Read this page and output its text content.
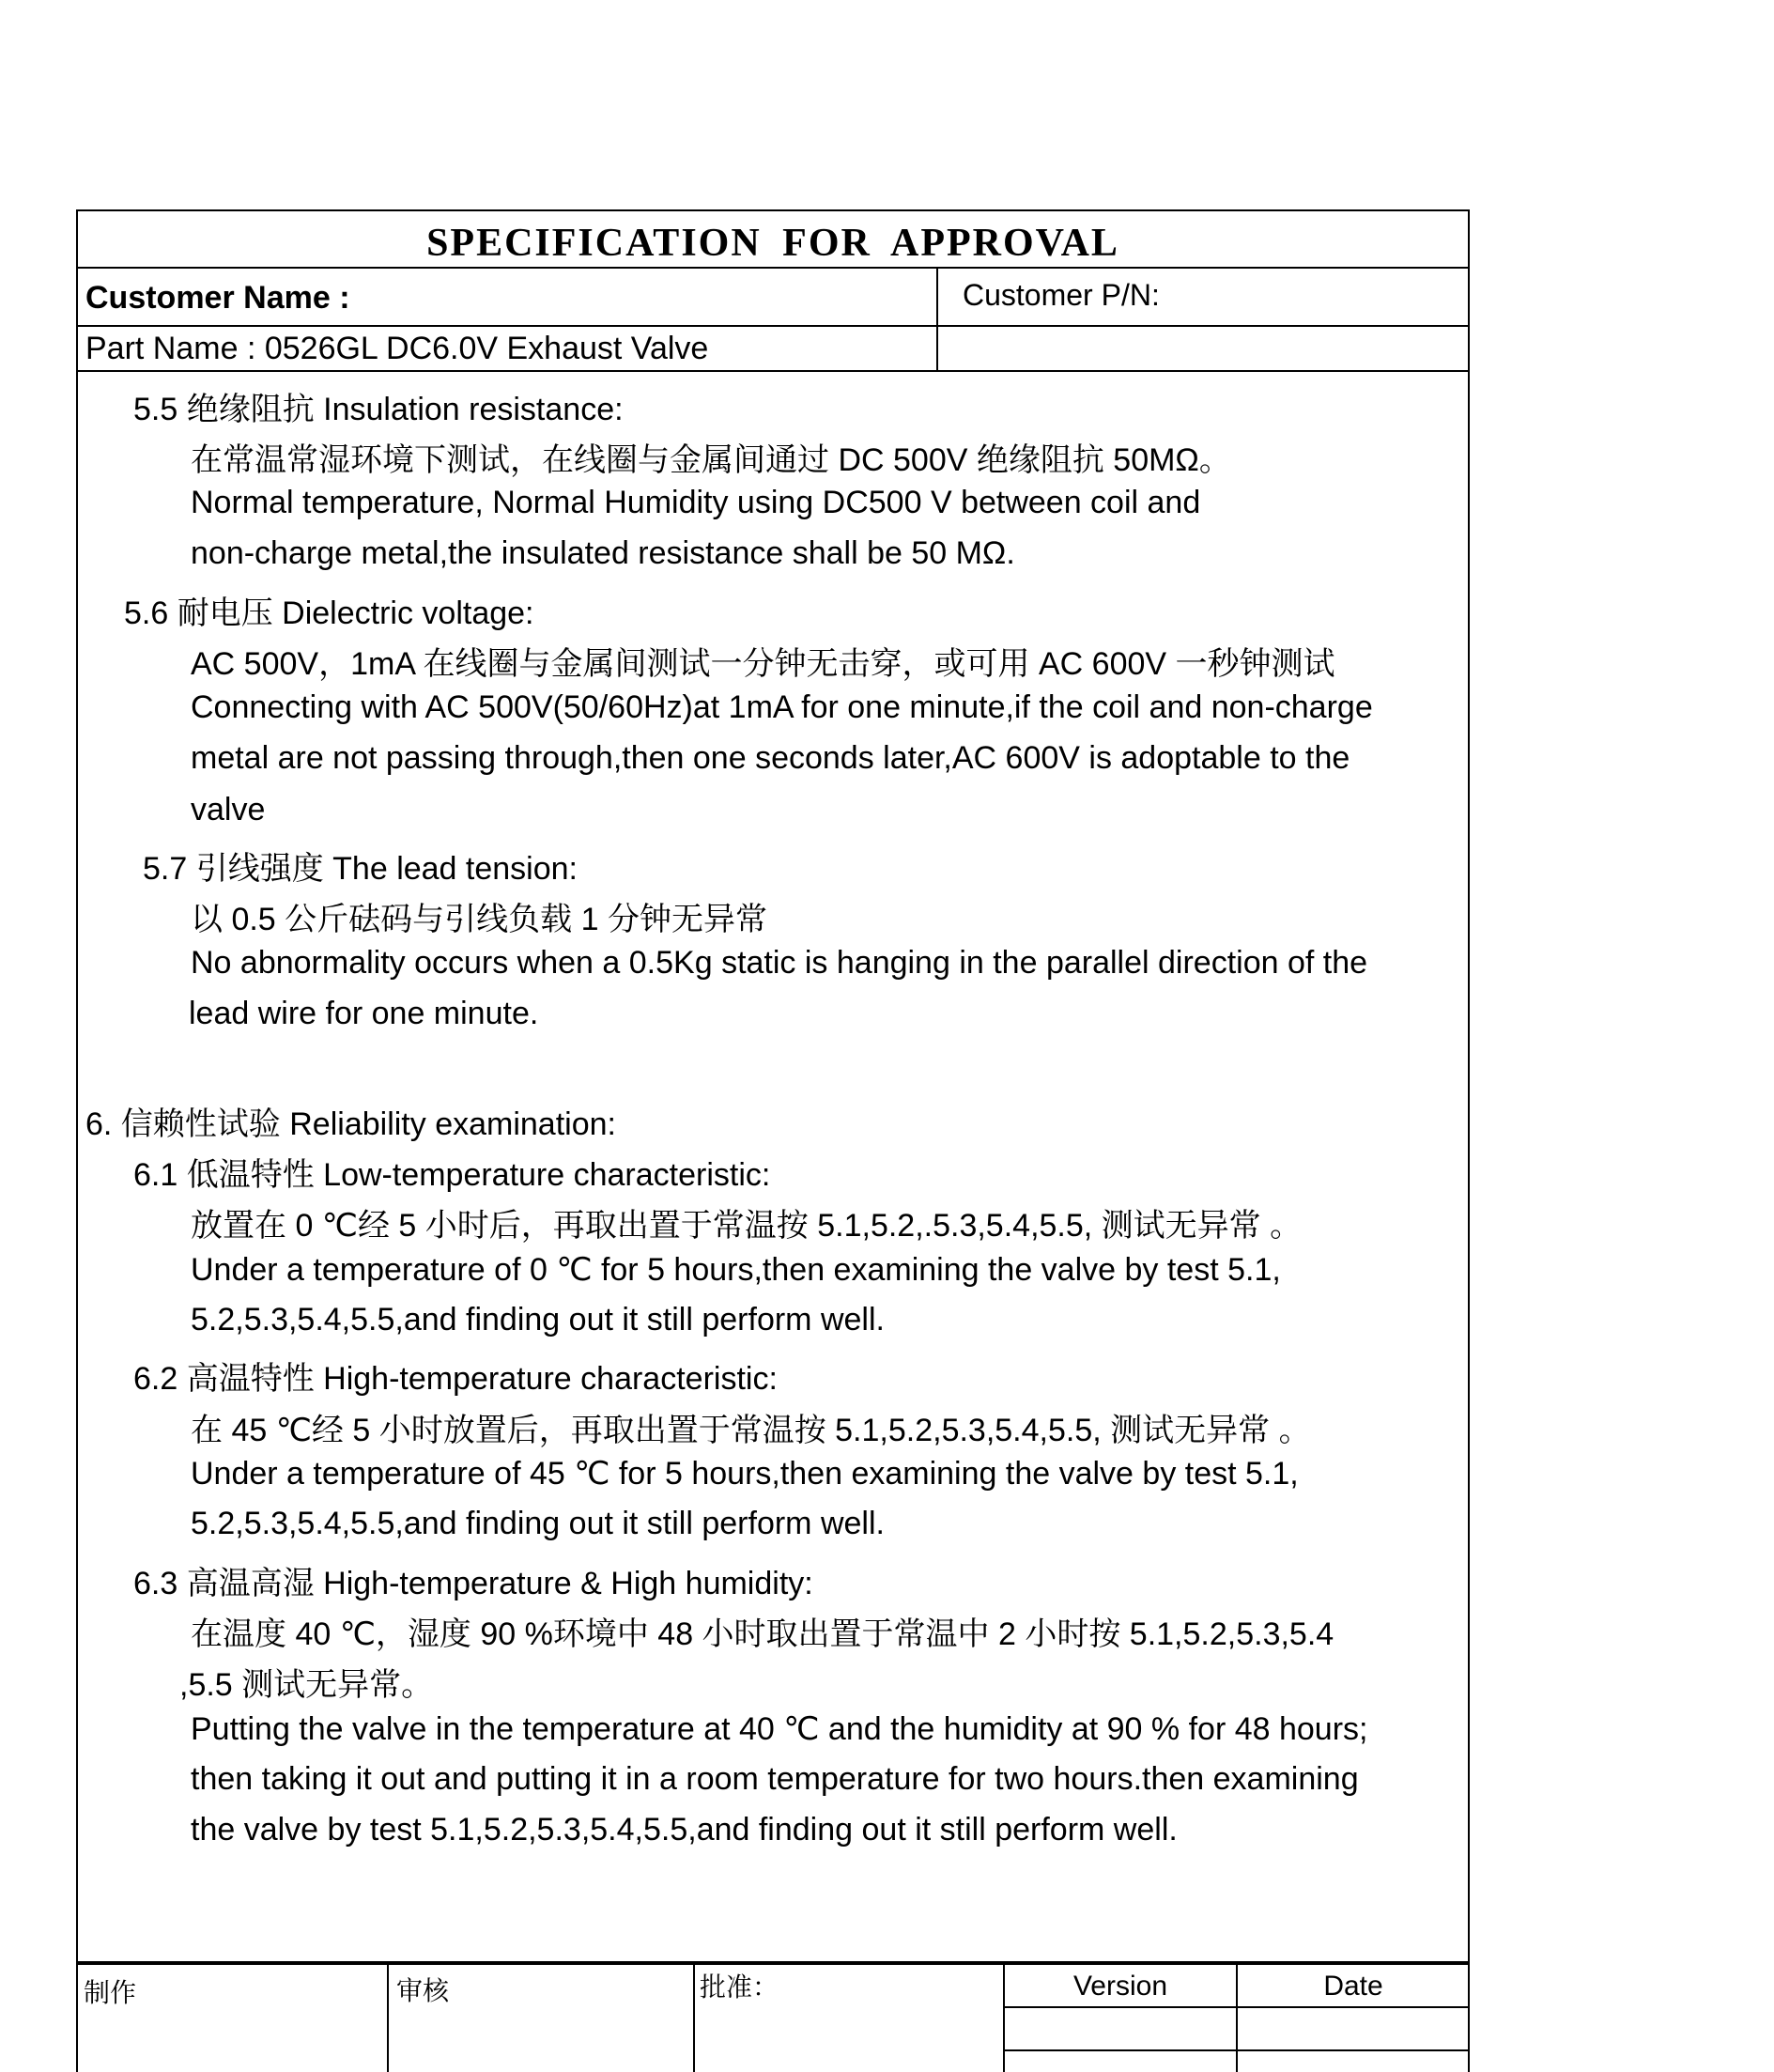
SPECIFICATION FOR APPROVAL
Customer Name :	Customer P/N:
Part Name : 0526GL DC6.0V Exhaust Valve
5.5 绝缘阻抗 Insulation resistance:
在常温常湿环境下测试，在线圈与金属间通过 DC 500V 绝缘阻抗 50MΩ。
Normal temperature, Normal Humidity using DC500 V between coil and
non-charge metal,the insulated resistance shall be 50 MΩ.
5.6 耐电压 Dielectric voltage:
AC 500V，1mA 在线圈与金属间测试一分钟无击穿，或可用 AC 600V 一秒钟测试
Connecting with AC 500V(50/60Hz)at 1mA for one minute,if the coil and non-charge
metal are not passing through,then one seconds later,AC 600V is adoptable to the
valve
5.7 引线强度 The lead tension:
以 0.5 公斤砝码与引线负载 1 分钟无异常
No abnormality occurs when a 0.5Kg static is hanging in the parallel direction of the
lead wire for one minute.
6. 信赖性试验 Reliability examination:
6.1 低温特性 Low-temperature characteristic:
放置在 0 ℃经 5 小时后，再取出置于常温按 5.1,5.2,.5.3,5.4,5.5, 测试无异常 。
Under a temperature of 0 ℃ for 5 hours,then examining the valve by test 5.1,
5.2,5.3,5.4,5.5,and finding out it still perform well.
6.2 高温特性 High-temperature characteristic:
在 45 ℃经 5 小时放置后，再取出置于常温按 5.1,5.2,5.3,5.4,5.5, 测试无异常 。
Under a temperature of 45 ℃ for 5 hours,then examining the valve by test 5.1,
5.2,5.3,5.4,5.5,and finding out it still perform well.
6.3 高温高湿 High-temperature & High humidity:
在温度 40 ℃，湿度 90 %环境中 48 小时取出置于常温中 2 小时按 5.1,5.2,5.3,5.4
,5.5 测试无异常。
Putting the valve in the temperature at 40 ℃ and the humidity at 90 % for 48 hours;
then taking it out and putting it in a room temperature for two hours.then examining
the valve by test 5.1,5.2,5.3,5.4,5.5,and finding out it still perform well.
制作	审核	批准：	Version	Date
